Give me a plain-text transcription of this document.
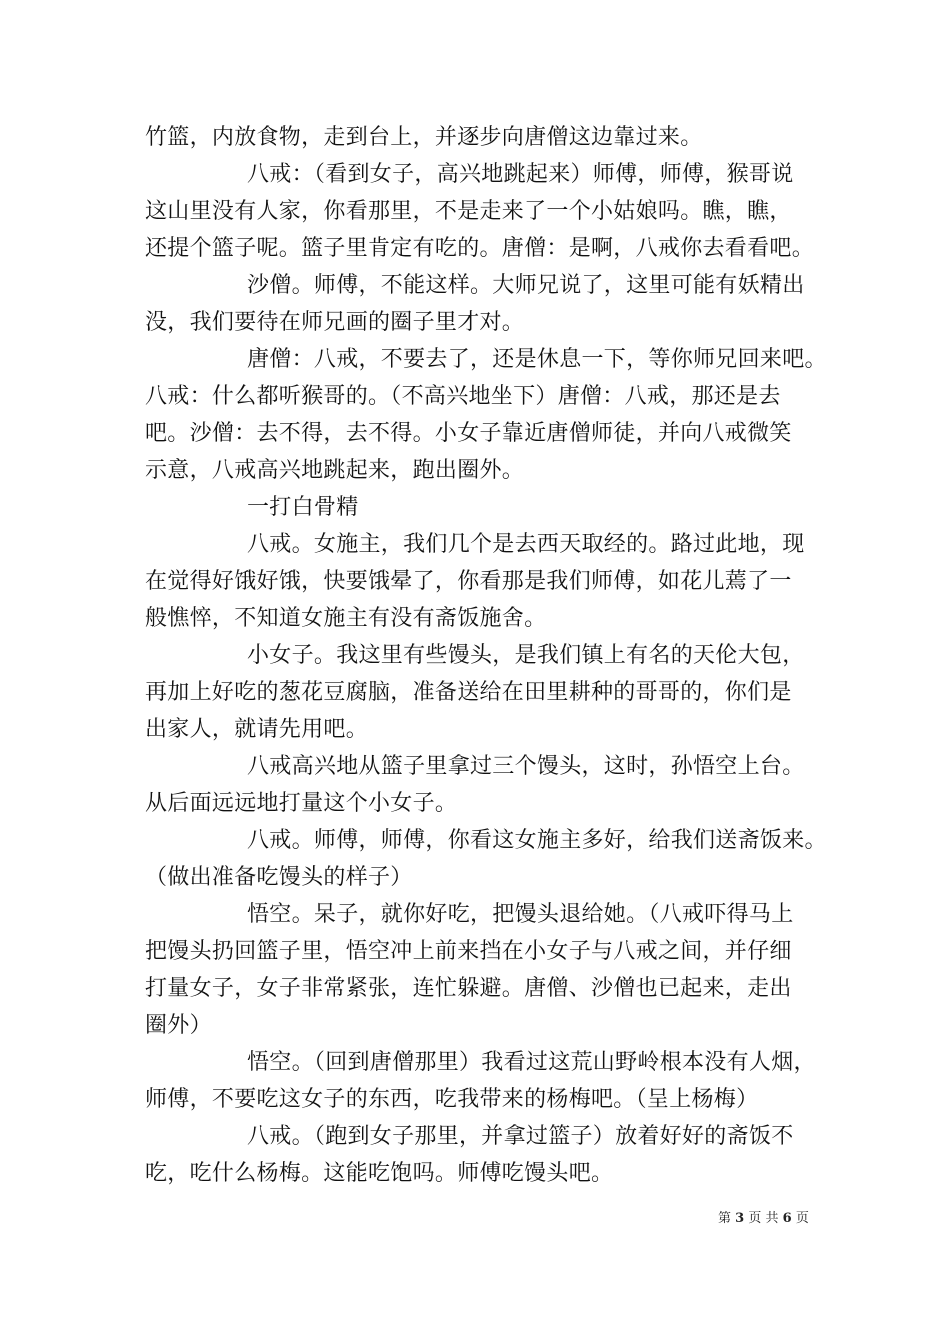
竹篮，内放食物，走到台上，并逐步向唐僧这边靠过来。
八戒：（看到女子，高兴地跳起来）师傅，师傅，猴哥说
这山里没有人家，你看那里，不是走来了一个小姑娘吗。瞧，瞧，
还提个篮子呢。篮子里肯定有吃的。唐僧：是啊，八戒你去看看吧。
沙僧。师傅，不能这样。大师兄说了，这里可能有妖精出
没，我们要待在师兄画的圈子里才对。
唐僧：八戒，不要去了，还是休息一下，等你师兄回来吧。
八戒：什么都听猴哥的。（不高兴地坐下）唐僧：八戒，那还是去
吧。沙僧：去不得，去不得。小女子靠近唐僧师徒，并向八戒微笑
示意，八戒高兴地跳起来，跑出圈外。
一打白骨精
八戒。女施主，我们几个是去西天取经的。路过此地，现
在觉得好饿好饿，快要饿晕了，你看那是我们师傅，如花儿蔫了一
般憔悴，不知道女施主有没有斋饭施舍。
小女子。我这里有些馒头，是我们镇上有名的天伦大包，
再加上好吃的葱花豆腐脑，准备送给在田里耕种的哥哥的，你们是
出家人，就请先用吧。
八戒高兴地从篮子里拿过三个馒头，这时，孙悟空上台。
从后面远远地打量这个小女子。
八戒。师傅，师傅，你看这女施主多好，给我们送斋饭来。
（做出准备吃馒头的样子）
悟空。呆子，就你好吃，把馒头退给她。（八戒吓得马上
把馒头扔回篮子里，悟空冲上前来挡在小女子与八戒之间，并仔细
打量女子，女子非常紧张，连忙躲避。唐僧、沙僧也已起来，走出
圈外）
悟空。（回到唐僧那里）我看过这荒山野岭根本没有人烟，
师傅，不要吃这女子的东西，吃我带来的杨梅吧。（呈上杨梅）
八戒。（跑到女子那里，并拿过篮子）放着好好的斋饭不
吃，吃什么杨梅。这能吃饱吗。师傅吃馒头吧。
第 3 页 共 6 页
